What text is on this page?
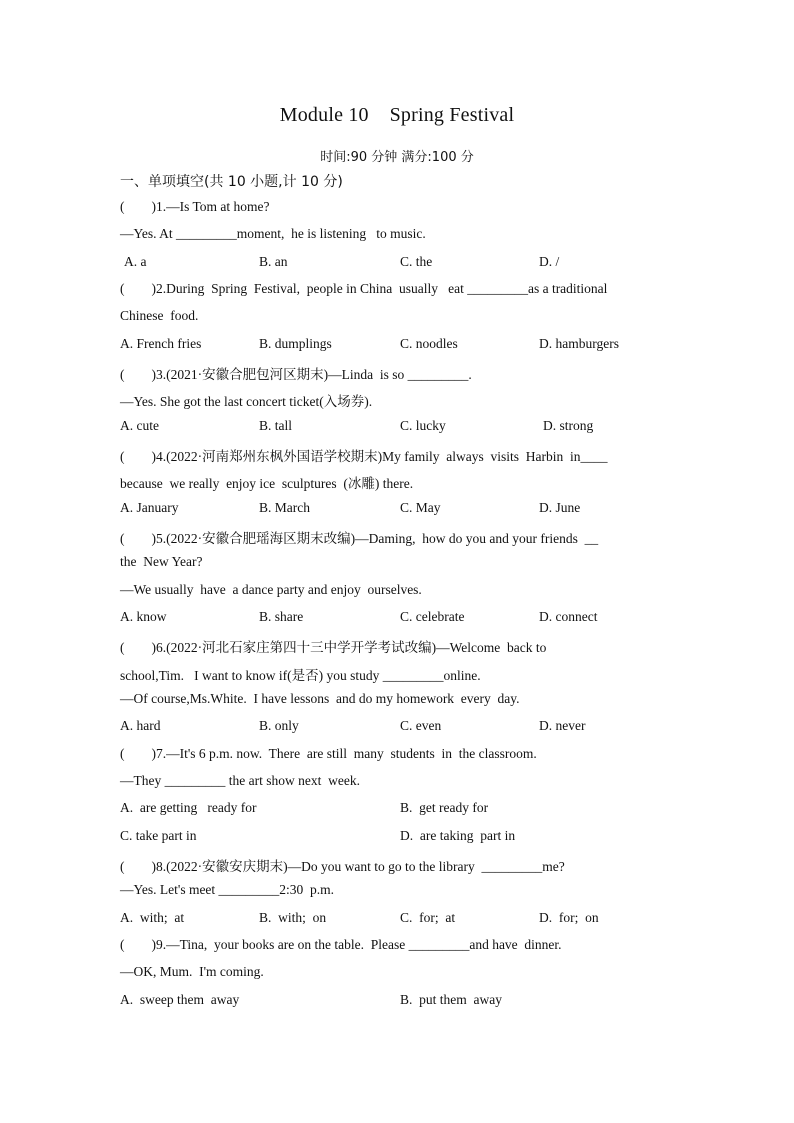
Module 10 Spring Festival
时间:90 分钟 满分:100 分
一、单项填空(共 10 小题,计 10 分)
(        )1.—Is Tom at home?
—Yes. At _________moment,  he is listening   to music.
A. a	B. an	C. the	D. /
(        )2.During  Spring  Festival,  people in China  usually   eat _________as a traditional
Chinese  food.
A. French fries	B. dumplings	C. noodles	D. hamburgers
(        )3.(2021·安徽合肥包河区期末)—Linda  is so _________.
—Yes. She got the last concert ticket(入场券).
A. cute	B. tall	C. lucky	D. strong
(        )4.(2022·河南郑州东枫外国语学校期末)My family  always  visits  Harbin  in____
because  we really  enjoy ice  sculptures  (冰雕) there.
A. January	B. March	C. May	D. June
(        )5.(2022·安徽合肥瑶海区期末改编)—Daming,  how do you and your friends  __
the  New Year?
—We usually  have  a dance party and enjoy  ourselves.
A. know	B. share	C. celebrate	D. connect
(        )6.(2022·河北石家庄第四十三中学开学考试改编)—Welcome  back to
school,Tim.   I want to know if(是否) you study _________online.
—Of course,Ms.White.  I have lessons  and do my homework  every  day.
A. hard	B. only	C. even	D. never
(        )7.—It's 6 p.m. now.  There  are still  many  students  in  the classroom.
—They _________ the art show next  week.
A.  are getting   ready for	B.  get ready for
C. take part in	D.  are taking  part in
(        )8.(2022·安徽安庆期末)—Do you want to go to the library  _________me?
—Yes. Let's meet _________2:30  p.m.
A.  with;  at	B.  with;  on	C.  for;  at	D.  for;  on
(        )9.—Tina,  your books are on the table.  Please _________and have  dinner.
—OK, Mum.  I'm coming.
A.  sweep them  away	B.  put them  away
